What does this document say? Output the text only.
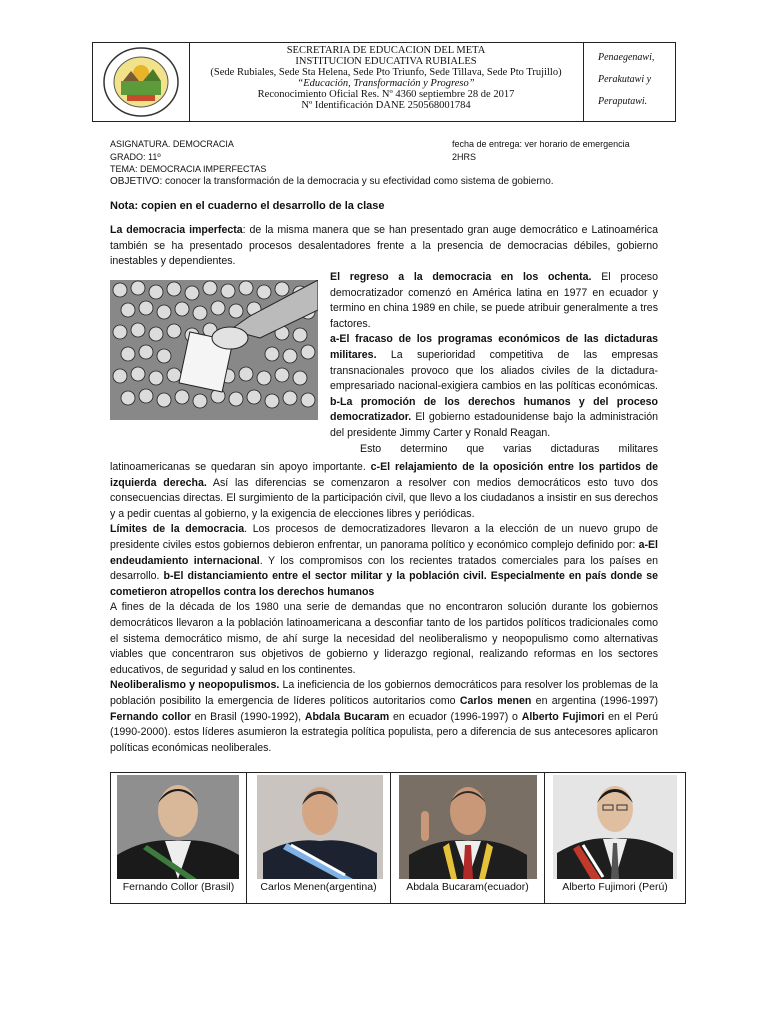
SECRETARIA DE EDUCACION DEL META
INSTITUCION EDUCATIVA RUBIALES
(Sede Rubiales, Sede Sta Helena, Sede Pto Triunfo, Sede Tillava, Sede Pto Trujillo)
“Educación, Transformación y Progreso”
Reconocimiento Oficial Res. Nº 4360 septiembre 28 de 2017
Nº Identificación DANE 250568001784
Penaegenawi,
Perakutawi y
Peraputawi.
ASIGNATURA. DEMOCRACIA
GRADO: 11º
TEMA: DEMOCRACIA IMPERFECTAS
fecha de entrega: ver horario de emergencia
2HRS
OBJETIVO: conocer la transformación de la democracia y su efectividad como sistema de gobierno.
Nota: copien en el cuaderno el desarrollo de la clase

La democracia imperfecta: de la misma manera que se han presentado gran auge democrático e Latinoamérica también se ha presentado procesos desalentadores frente a la presencia de democracias débiles, gobierno inestables y dependientes.

El regreso a la democracia en los ochenta. El proceso democratizador comenzó en América latina en 1977 en ecuador y termino en china 1989 en chile, se puede atribuir generalmente a tres factores.

a-El fracaso de los programas económicos de las dictaduras militares. La superioridad competitiva de las empresas transnacionales provoco que los aliados civiles de la dictadura-empresariado nacional-exigiera cambios en las políticas económicas. b-La promoción de los derechos humanos y del proceso democratizador. El gobierno estadounidense bajo la administración del presidente Jimmy Carter y Ronald Reagan.

Esto determino que varias dictaduras militares

latinoamericanas se quedaran sin apoyo importante. c-El relajamiento de la oposición entre los partidos de izquierda derecha. Así las diferencias se comenzaron a resolver con medios democráticos esto tuvo dos consecuencias directas. El surgimiento de la participación civil, que llevo a los ciudadanos a insistir en sus derechos y a pedir cuentas al gobierno, y la exigencia de elecciones libres y periódicas.

Límites de la democracia. Los procesos de democratizadores llevaron a la elección de un nuevo grupo de presidente civiles estos gobiernos debieron enfrentar, un panorama político y económico complejo definido por: a-El endeudamiento internacional. Y los compromisos con los recientes tratados comerciales para los países en desarrollo. b-El distanciamiento entre el sector militar y la población civil. Especialmente en país donde se cometieron atropellos contra los derechos humanos

A fines de la década de los 1980 una serie de demandas que no encontraron solución durante los gobiernos democráticos llevaron a la población latinoamericana a desconfiar tanto de los partidos políticos tradicionales como el sistema democrático mismo, de ahí surge la necesidad del neoliberalismo y neopopulismo como alternativas viables que concentraron sus objetivos de gobierno y liderazgo regional, realizando reformas en los sectores educativos, de seguridad y salud en los continentes.

Neoliberalismo y neopopulismos. La ineficiencia de los gobiernos democráticos para resolver los problemas de la población posibilito la emergencia de líderes políticos autoritarios como Carlos menen en argentina (1996-1997) Fernando collor en Brasil (1990-1992), Abdala Bucaram en ecuador (1996-1997) o Alberto Fujimori en el Perú (1990-2000). estos líderes asumieron la estrategia política populista, pero a diferencia de sus antecesores aplicaron políticas económicas neoliberales.

Fernando Collor (Brasil)	Carlos Menen(argentina)	Abdala Bucaram(ecuador)	Alberto Fujimori (Perú)
